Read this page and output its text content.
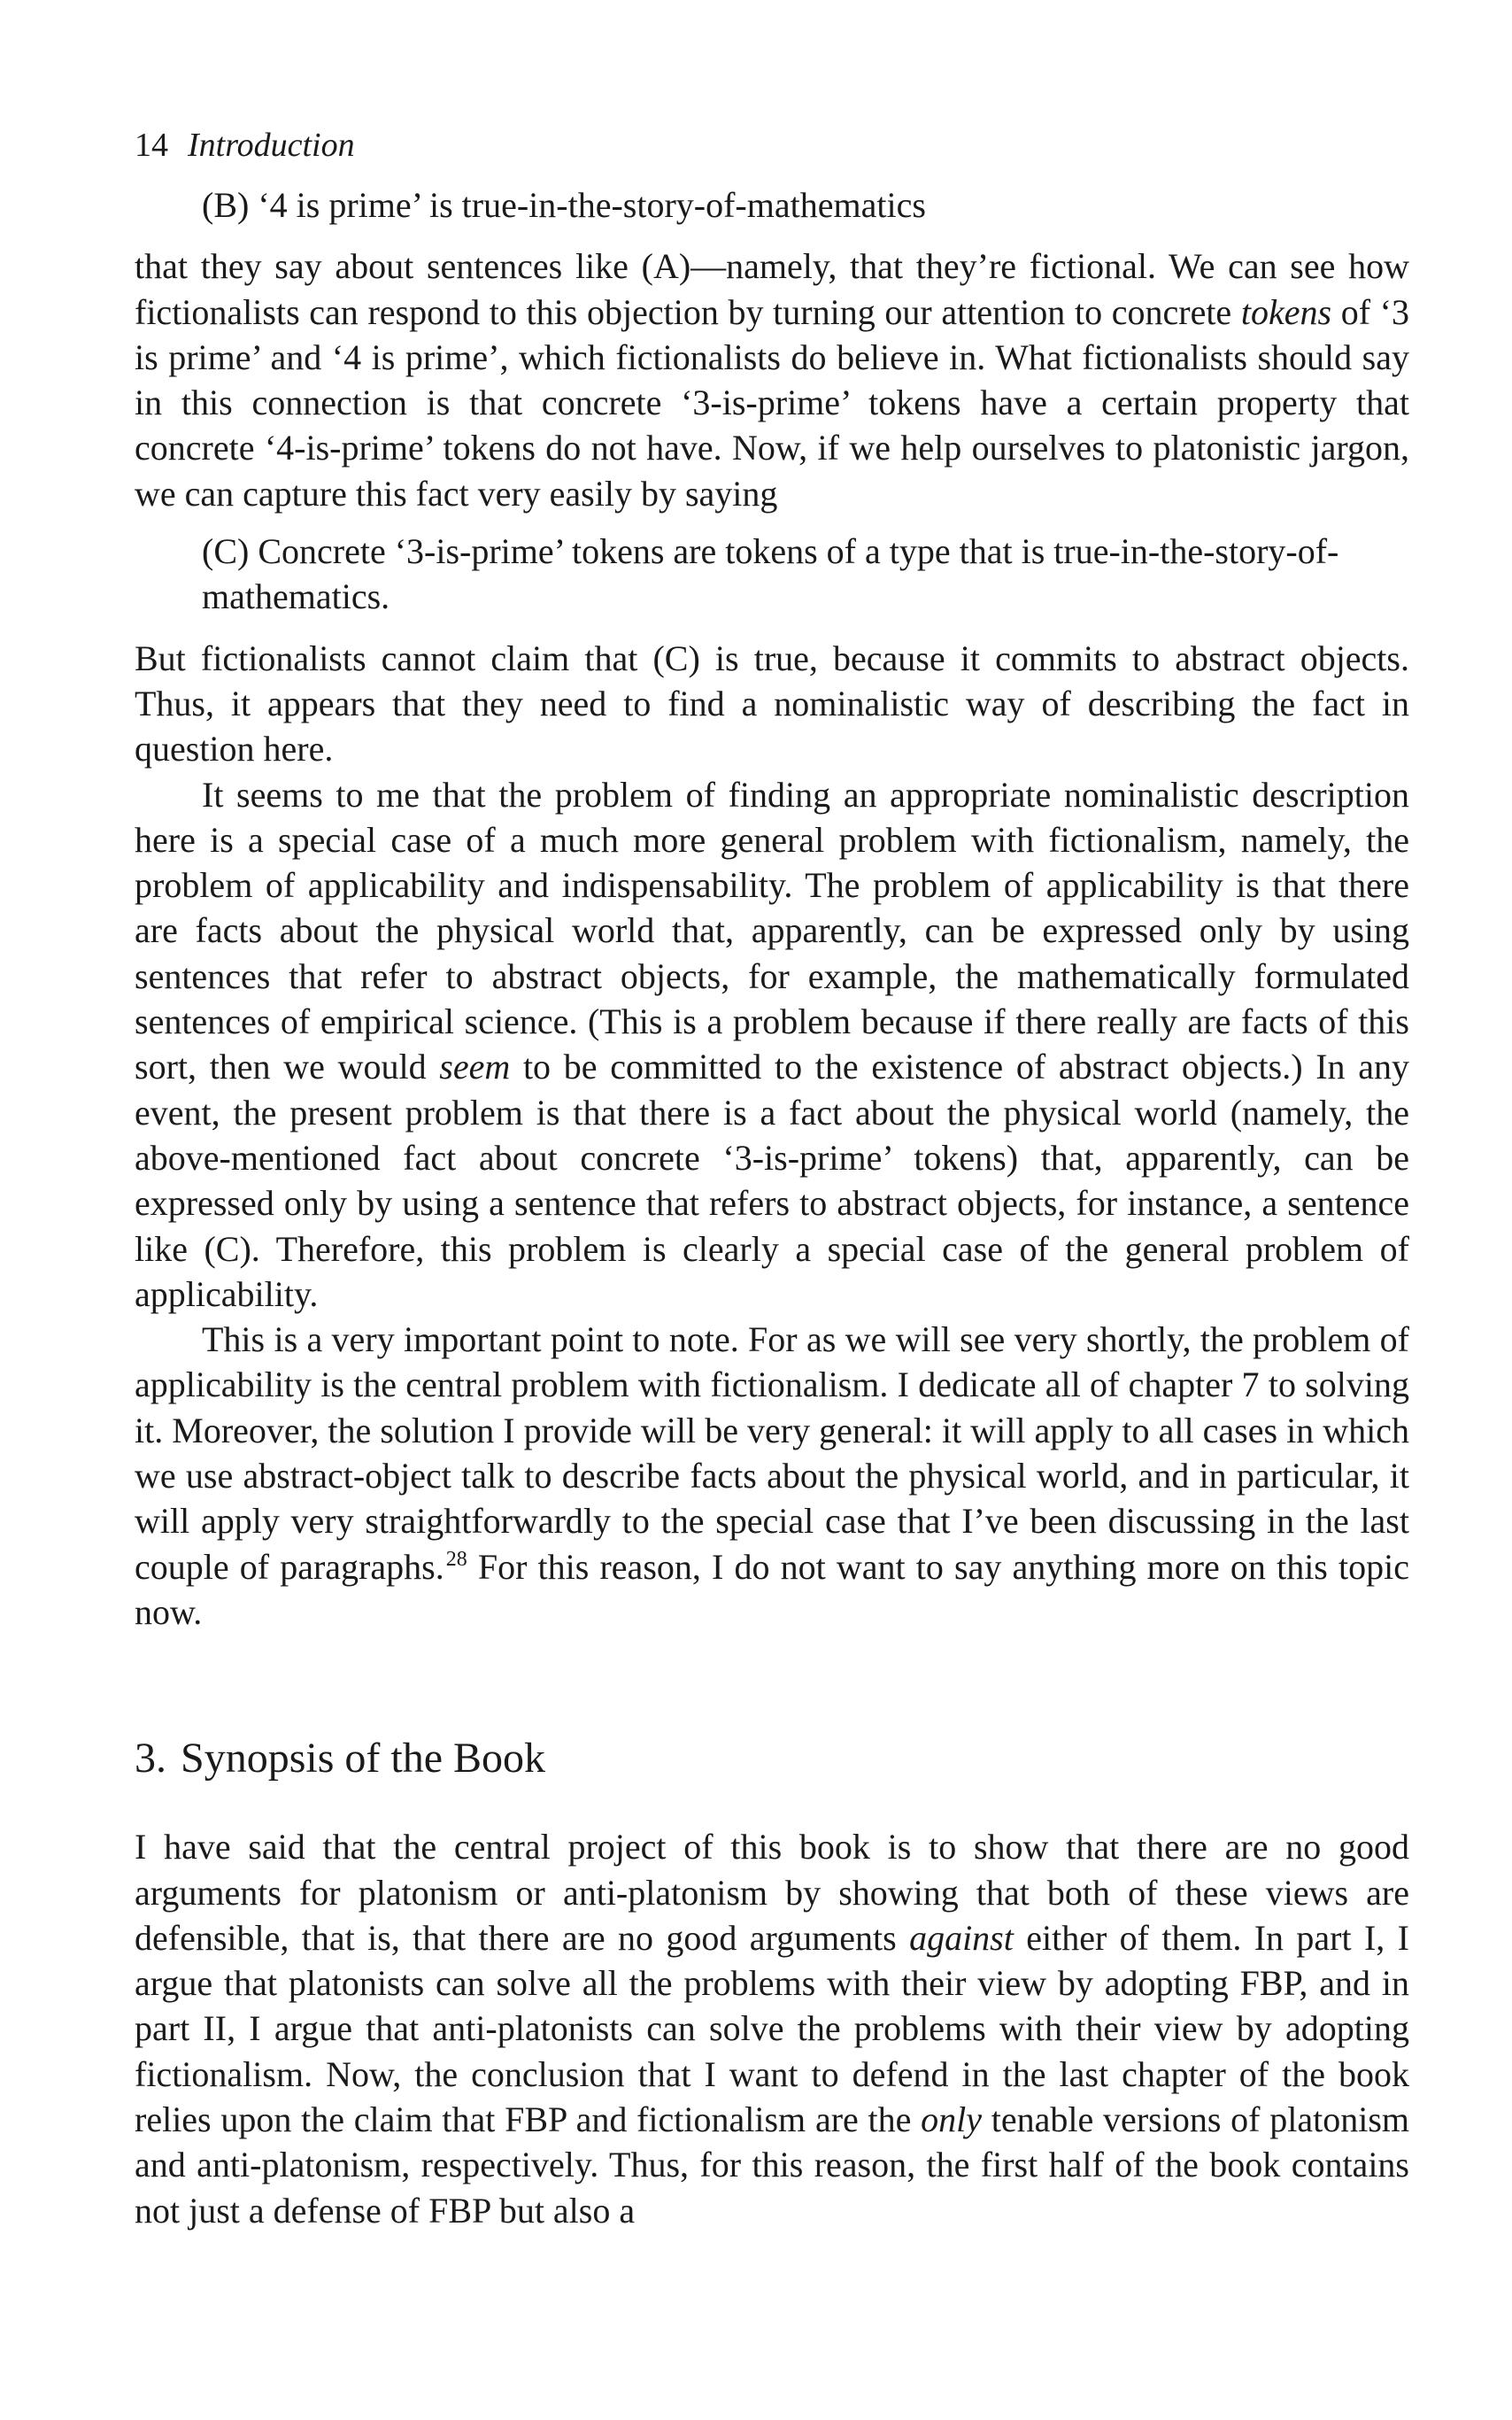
14 Introduction

(B) ‘4 is prime’ is true-in-the-story-of-mathematics

that they say about sentences like (A)—namely, that they’re fictional. We can see how fictionalists can respond to this objection by turning our attention to concrete tokens of ‘3 is prime’ and ‘4 is prime’, which fictionalists do believe in. What fictionalists should say in this connection is that concrete ‘3-is-prime’ tokens have a certain property that concrete ‘4-is-prime’ tokens do not have. Now, if we help ourselves to platonistic jargon, we can capture this fact very easily by saying

(C) Concrete ‘3-is-prime’ tokens are tokens of a type that is true-in-the-story-of-mathematics.

But fictionalists cannot claim that (C) is true, because it commits to abstract objects. Thus, it appears that they need to find a nominalistic way of describing the fact in question here.

It seems to me that the problem of finding an appropriate nominalistic description here is a special case of a much more general problem with fictionalism, namely, the problem of applicability and indispensability. The problem of applicability is that there are facts about the physical world that, apparently, can be expressed only by using sentences that refer to abstract objects, for example, the mathematically formulated sentences of empirical science. (This is a problem because if there really are facts of this sort, then we would seem to be committed to the existence of abstract objects.) In any event, the present problem is that there is a fact about the physical world (namely, the above-mentioned fact about concrete ‘3-is-prime’ tokens) that, apparently, can be expressed only by using a sentence that refers to abstract objects, for instance, a sentence like (C). Therefore, this problem is clearly a special case of the general problem of applicability.

This is a very important point to note. For as we will see very shortly, the problem of applicability is the central problem with fictionalism. I dedicate all of chapter 7 to solving it. Moreover, the solution I provide will be very general: it will apply to all cases in which we use abstract-object talk to describe facts about the physical world, and in particular, it will apply very straightforwardly to the special case that I’ve been discussing in the last couple of paragraphs.$^{28}$ For this reason, I do not want to say anything more on this topic now.

3. Synopsis of the Book

I have said that the central project of this book is to show that there are no good arguments for platonism or anti-platonism by showing that both of these views are defensible, that is, that there are no good arguments against either of them. In part I, I argue that platonists can solve all the problems with their view by adopting FBP, and in part II, I argue that anti-platonists can solve the problems with their view by adopting fictionalism. Now, the conclusion that I want to defend in the last chapter of the book relies upon the claim that FBP and fictionalism are the only tenable versions of platonism and anti-platonism, respectively. Thus, for this reason, the first half of the book contains not just a defense of FBP but also a
